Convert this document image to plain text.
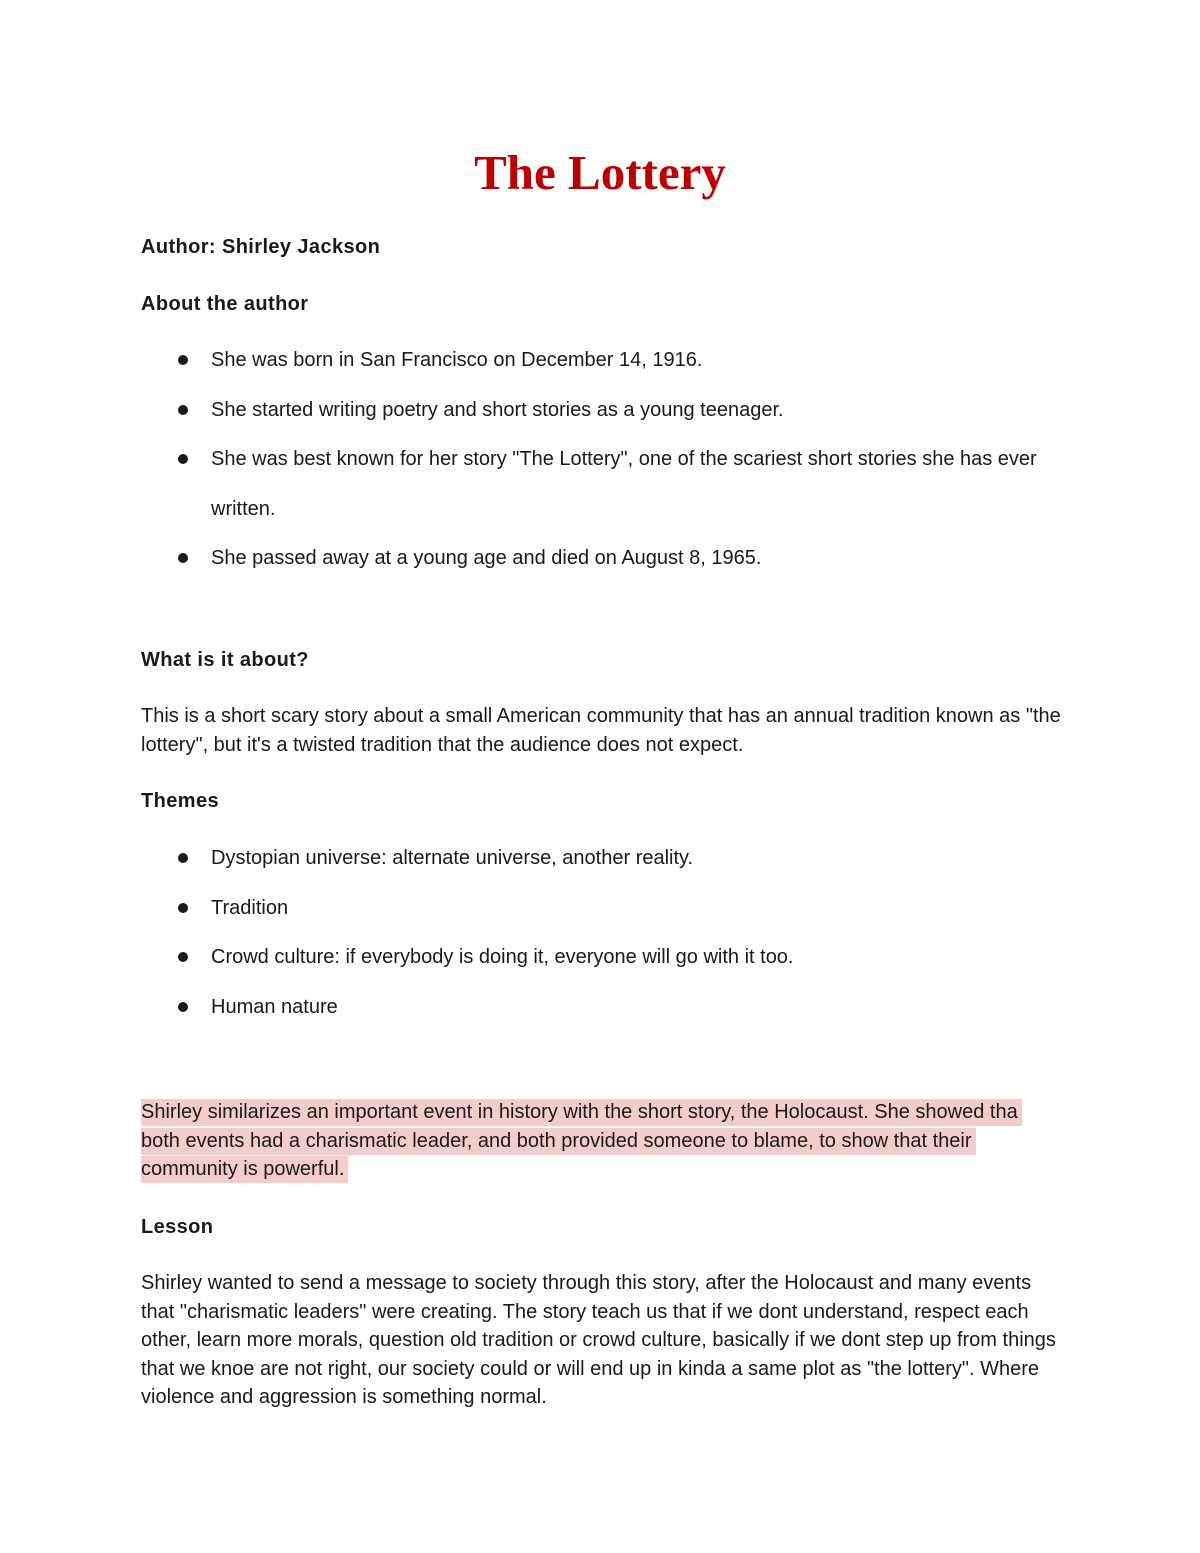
The Lottery

Author: Shirley Jackson

About the author

She was born in San Francisco on December 14, 1916.
She started writing poetry and short stories as a young teenager.
She was best known for her story "The Lottery", one of the scariest short stories she has ever written.
She passed away at a young age and died on August 8, 1965.

What is it about?

This is a short scary story about a small American community that has an annual tradition known as "the lottery", but it's a twisted tradition that the audience does not expect.

Themes

Dystopian universe: alternate universe, another reality.
Tradition
Crowd culture: if everybody is doing it, everyone will go with it too.
Human nature

Shirley similarizes an important event in history with the short story, the Holocaust. She showed tha both events had a charismatic leader, and both provided someone to blame, to show that their community is powerful.

Lesson

Shirley wanted to send a message to society through this story, after the Holocaust and many events that "charismatic leaders" were creating. The story teach us that if we dont understand, respect each other, learn more morals, question old tradition or crowd culture, basically if we dont step up from things that we knoe are not right, our society could or will end up in kinda a same plot as "the lottery". Where violence and aggression is something normal.
